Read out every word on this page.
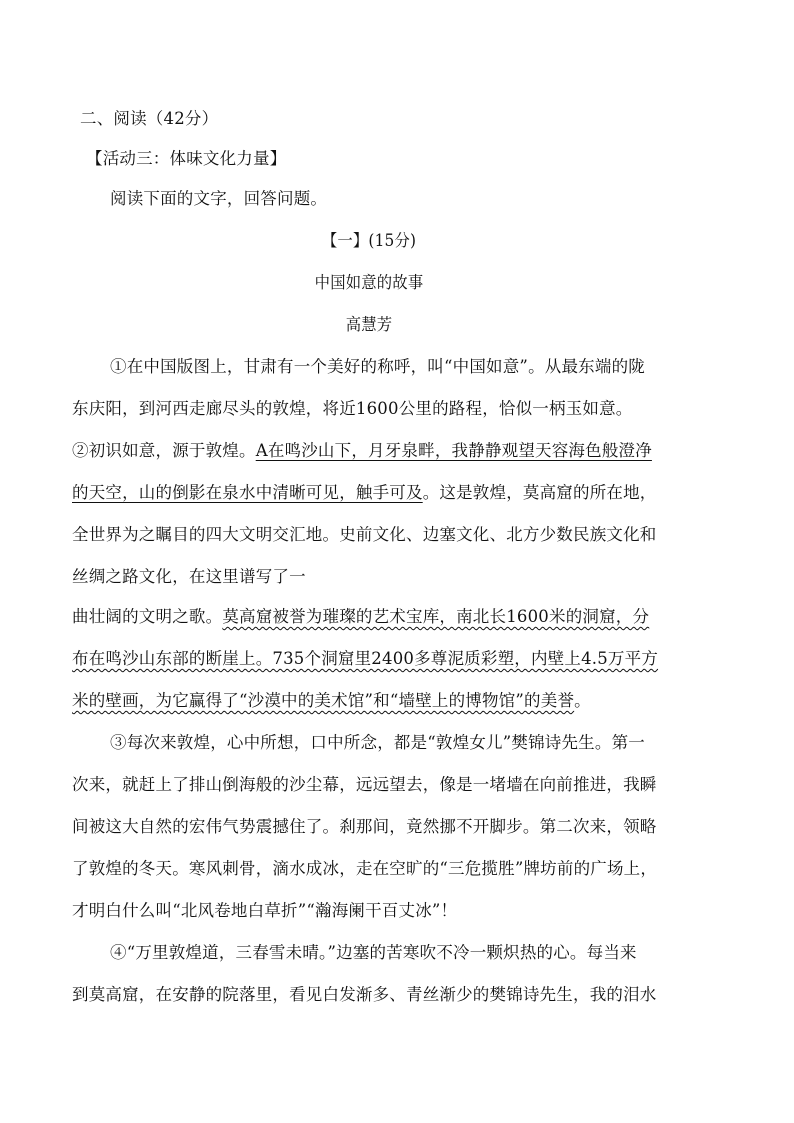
二、阅读（42分）
【活动三：体味文化力量】
阅读下面的文字，回答问题。
【一】(15分)
中国如意的故事
高慧芳
①在中国版图上，甘肃有一个美好的称呼，叫“中国如意”。从最东端的陇
东庆阳，到河西走廊尽头的敦煌，将近1600公里的路程，恰似一柄玉如意。
②初识如意，源于敦煌。A在鸣沙山下，月牙泉畔，我静静观望天容海色般澄净
的天空，山的倒影在泉水中清晰可见，触手可及。这是敦煌，莫高窟的所在地，
全世界为之瞩目的四大文明交汇地。史前文化、边塞文化、北方少数民族文化和
丝绸之路文化，在这里谱写了一
曲壮阔的文明之歌。莫高窟被誉为璀璨的艺术宝库，南北长1600米的洞窟，分
布在鸣沙山东部的断崖上。735个洞窟里2400多尊泥质彩塑，内壁上4.5万平方
米的壁画，为它赢得了“沙漠中的美术馆”和“墙壁上的博物馆”的美誉。
③每次来敦煌，心中所想，口中所念，都是“敦煌女儿”樊锦诗先生。第一
次来，就赶上了排山倒海般的沙尘幕，远远望去，像是一堵墙在向前推进，我瞬
间被这大自然的宏伟气势震撼住了。刹那间，竟然挪不开脚步。第二次来，领略
了敦煌的冬天。寒风刺骨，滴水成冰，走在空旷的“三危揽胜”牌坊前的广场上，
才明白什么叫“北风卷地白草折”“瀚海阑干百丈冰”！
④“万里敦煌道，三春雪未晴。”边塞的苦寒吹不冷一颗炽热的心。每当来
到莫高窟，在安静的院落里，看见白发渐多、青丝渐少的樊锦诗先生，我的泪水
